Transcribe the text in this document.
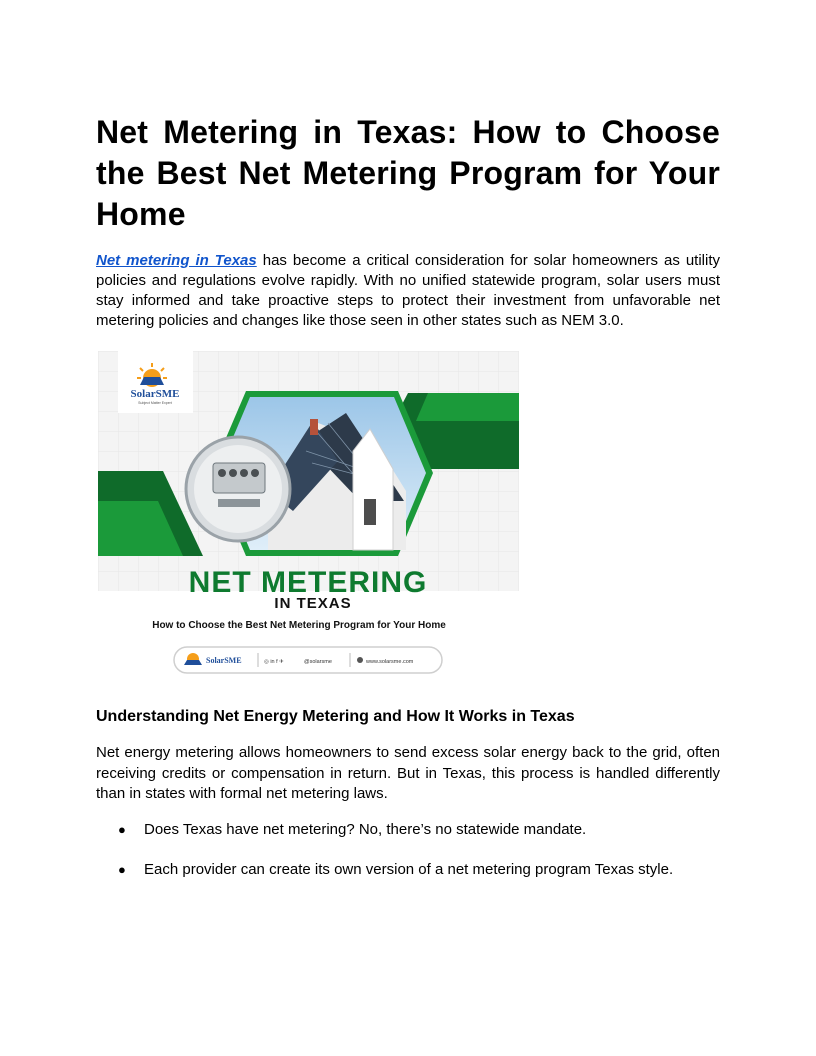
Net Metering in Texas: How to Choose the Best Net Metering Program for Your Home

Net metering in Texas has become a critical consideration for solar homeowners as utility policies and regulations evolve rapidly. With no unified statewide program, solar users must stay informed and take proactive steps to protect their investment from unfavorable net metering policies and changes like those seen in other states such as NEM 3.0.

SolarSME
Subject Matter Expert
NET METERING
IN TEXAS
How to Choose the Best Net Metering Program for Your Home
SolarSME	◎ in f ✈	@solarsme	www.solarsme.com
Understanding Net Energy Metering and How It Works in Texas

Net energy metering allows homeowners to send excess solar energy back to the grid, often receiving credits or compensation in return. But in Texas, this process is handled differently than in states with formal net metering laws.

● Does Texas have net metering? No, there’s no statewide mandate.
● Each provider can create its own version of a net metering program Texas style.
